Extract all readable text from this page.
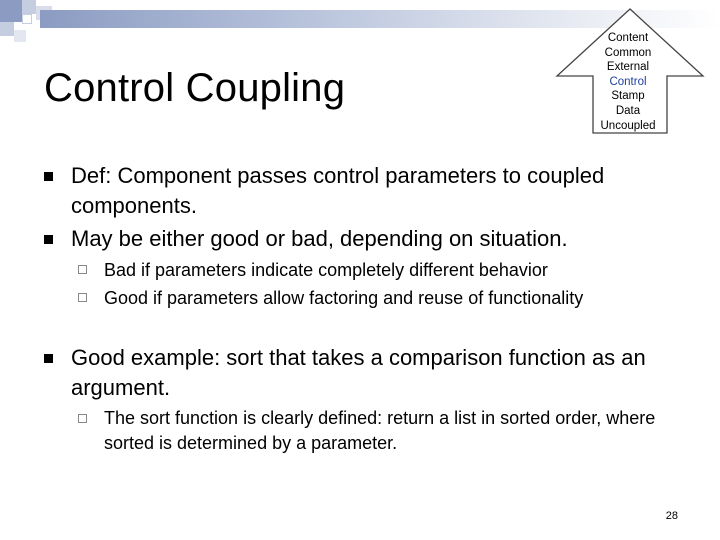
Control Coupling
Content
Common
External
Control
Stamp
Data
Uncoupled
Def: Component passes control parameters to coupled components.
May be either good or bad, depending on situation.
Bad if parameters indicate completely different behavior
Good if parameters allow factoring and reuse of functionality
Good example: sort that takes a comparison function as an argument.
The sort function is clearly defined: return a list in sorted order, where sorted is determined by a parameter.
28
